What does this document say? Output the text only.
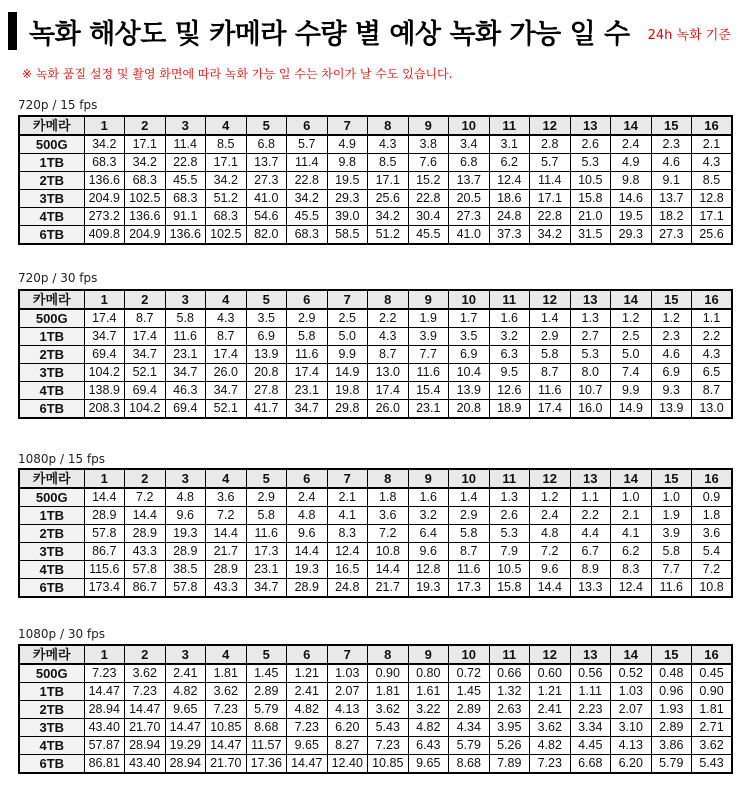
녹화 해상도 및 카메라 수량 별 예상 녹화 가능 일 수 24h 녹화 기준
※ 녹화 품질 설정 및 촬영 화면에 따라 녹화 가능 일 수는 차이가 날 수도 있습니다.
720p / 15 fps
카메라	1	2	3	4	5	6	7	8	9	10	11	12	13	14	15	16
500G	34.2	17.1	11.4	8.5	6.8	5.7	4.9	4.3	3.8	3.4	3.1	2.8	2.6	2.4	2.3	2.1
1TB	68.3	34.2	22.8	17.1	13.7	11.4	9.8	8.5	7.6	6.8	6.2	5.7	5.3	4.9	4.6	4.3
2TB	136.6	68.3	45.5	34.2	27.3	22.8	19.5	17.1	15.2	13.7	12.4	11.4	10.5	9.8	9.1	8.5
3TB	204.9	102.5	68.3	51.2	41.0	34.2	29.3	25.6	22.8	20.5	18.6	17.1	15.8	14.6	13.7	12.8
4TB	273.2	136.6	91.1	68.3	54.6	45.5	39.0	34.2	30.4	27.3	24.8	22.8	21.0	19.5	18.2	17.1
6TB	409.8	204.9	136.6	102.5	82.0	68.3	58.5	51.2	45.5	41.0	37.3	34.2	31.5	29.3	27.3	25.6
720p / 30 fps
카메라	1	2	3	4	5	6	7	8	9	10	11	12	13	14	15	16
500G	17.4	8.7	5.8	4.3	3.5	2.9	2.5	2.2	1.9	1.7	1.6	1.4	1.3	1.2	1.2	1.1
1TB	34.7	17.4	11.6	8.7	6.9	5.8	5.0	4.3	3.9	3.5	3.2	2.9	2.7	2.5	2.3	2.2
2TB	69.4	34.7	23.1	17.4	13.9	11.6	9.9	8.7	7.7	6.9	6.3	5.8	5.3	5.0	4.6	4.3
3TB	104.2	52.1	34.7	26.0	20.8	17.4	14.9	13.0	11.6	10.4	9.5	8.7	8.0	7.4	6.9	6.5
4TB	138.9	69.4	46.3	34.7	27.8	23.1	19.8	17.4	15.4	13.9	12.6	11.6	10.7	9.9	9.3	8.7
6TB	208.3	104.2	69.4	52.1	41.7	34.7	29.8	26.0	23.1	20.8	18.9	17.4	16.0	14.9	13.9	13.0
1080p / 15 fps
카메라	1	2	3	4	5	6	7	8	9	10	11	12	13	14	15	16
500G	14.4	7.2	4.8	3.6	2.9	2.4	2.1	1.8	1.6	1.4	1.3	1.2	1.1	1.0	1.0	0.9
1TB	28.9	14.4	9.6	7.2	5.8	4.8	4.1	3.6	3.2	2.9	2.6	2.4	2.2	2.1	1.9	1.8
2TB	57.8	28.9	19.3	14.4	11.6	9.6	8.3	7.2	6.4	5.8	5.3	4.8	4.4	4.1	3.9	3.6
3TB	86.7	43.3	28.9	21.7	17.3	14.4	12.4	10.8	9.6	8.7	7.9	7.2	6.7	6.2	5.8	5.4
4TB	115.6	57.8	38.5	28.9	23.1	19.3	16.5	14.4	12.8	11.6	10.5	9.6	8.9	8.3	7.7	7.2
6TB	173.4	86.7	57.8	43.3	34.7	28.9	24.8	21.7	19.3	17.3	15.8	14.4	13.3	12.4	11.6	10.8
1080p / 30 fps
카메라	1	2	3	4	5	6	7	8	9	10	11	12	13	14	15	16
500G	7.23	3.62	2.41	1.81	1.45	1.21	1.03	0.90	0.80	0.72	0.66	0.60	0.56	0.52	0.48	0.45
1TB	14.47	7.23	4.82	3.62	2.89	2.41	2.07	1.81	1.61	1.45	1.32	1.21	1.11	1.03	0.96	0.90
2TB	28.94	14.47	9.65	7.23	5.79	4.82	4.13	3.62	3.22	2.89	2.63	2.41	2.23	2.07	1.93	1.81
3TB	43.40	21.70	14.47	10.85	8.68	7.23	6.20	5.43	4.82	4.34	3.95	3.62	3.34	3.10	2.89	2.71
4TB	57.87	28.94	19.29	14.47	11.57	9.65	8.27	7.23	6.43	5.79	5.26	4.82	4.45	4.13	3.86	3.62
6TB	86.81	43.40	28.94	21.70	17.36	14.47	12.40	10.85	9.65	8.68	7.89	7.23	6.68	6.20	5.79	5.43
